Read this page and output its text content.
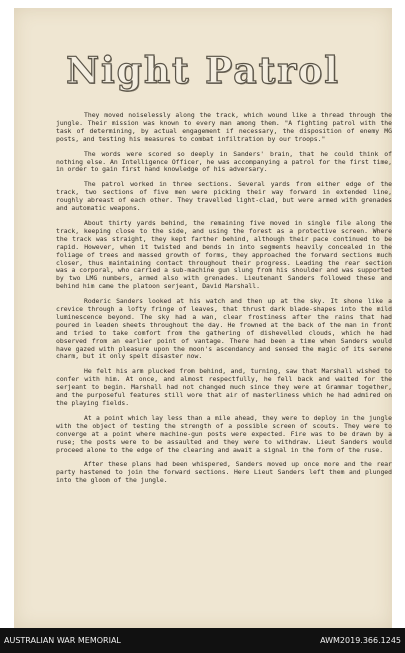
Night Patrol

They moved noiselessly along the track, which wound like a thread through the jungle. Their mission was known to every man among them. "A fighting patrol with the task of determining, by actual engagement if necessary, the disposition of enemy MG posts, and testing his measures to combat infiltration by our troops."

The words were scored so deeply in Sanders' brain, that he could think of nothing else. An Intelligence Officer, he was accompanying a patrol for the first time, in order to gain first hand knowledge of his adversary.

The patrol worked in three sections. Several yards from either edge of the track, two sections of five men were picking their way forward in extended line, roughly abreast of each other. They travelled light-clad, but were armed with grenades and automatic weapons.

About thirty yards behind, the remaining five moved in single file along the track, keeping close to the side, and using the forest as a protective screen. Where the track was straight, they kept farther behind, although their pace continued to be rapid. However, when it twisted and bends in into segments heavily concealed in the foliage of trees and massed growth of forms, they approached the forward sections much closer, thus maintaining contact throughout their progress. Leading the rear section was a corporal, who carried a sub-machine gun slung from his shoulder and was supported by two LMG numbers, armed also with grenades. Lieutenant Sanders followed these and behind him came the platoon serjeant, David Marshall.

Roderic Sanders looked at his watch and then up at the sky. It shone like a crevice through a lofty fringe of leaves, that thrust dark blade-shapes into the mild luminescence beyond. The sky had a wan, clear frostiness after the rains that had poured in leaden sheets throughout the day. He frowned at the back of the man in front and tried to take comfort from the gathering of dishevelled clouds, which he had observed from an earlier point of vantage. There had been a time when Sanders would have gazed with pleasure upon the moon's ascendancy and sensed the magic of its serene charm, but it only spelt disaster now.

He felt his arm plucked from behind, and, turning, saw that Marshall wished to confer with him. At once, and almost respectfully, he fell back and waited for the serjeant to begin. Marshall had not changed much since they were at Grammar together, and the purposeful features still wore that air of masterliness which he had admired on the playing fields.

At a point which lay less than a mile ahead, they were to deploy in the jungle with the object of testing the strength of a possible screen of scouts. They were to converge at a point where machine-gun posts were expected. Fire was to be drawn by a ruse; the posts were to be assaulted and they were to withdraw. Lieut Sanders would proceed alone to the edge of the clearing and await a signal in the form of the ruse.

After these plans had been whispered, Sanders moved up once more and the rear party hastened to join the forward sections. Here Lieut Sanders left them and plunged into the gloom of the jungle.

AUSTRALIAN WAR MEMORIAL	AWM2019.366.1245
